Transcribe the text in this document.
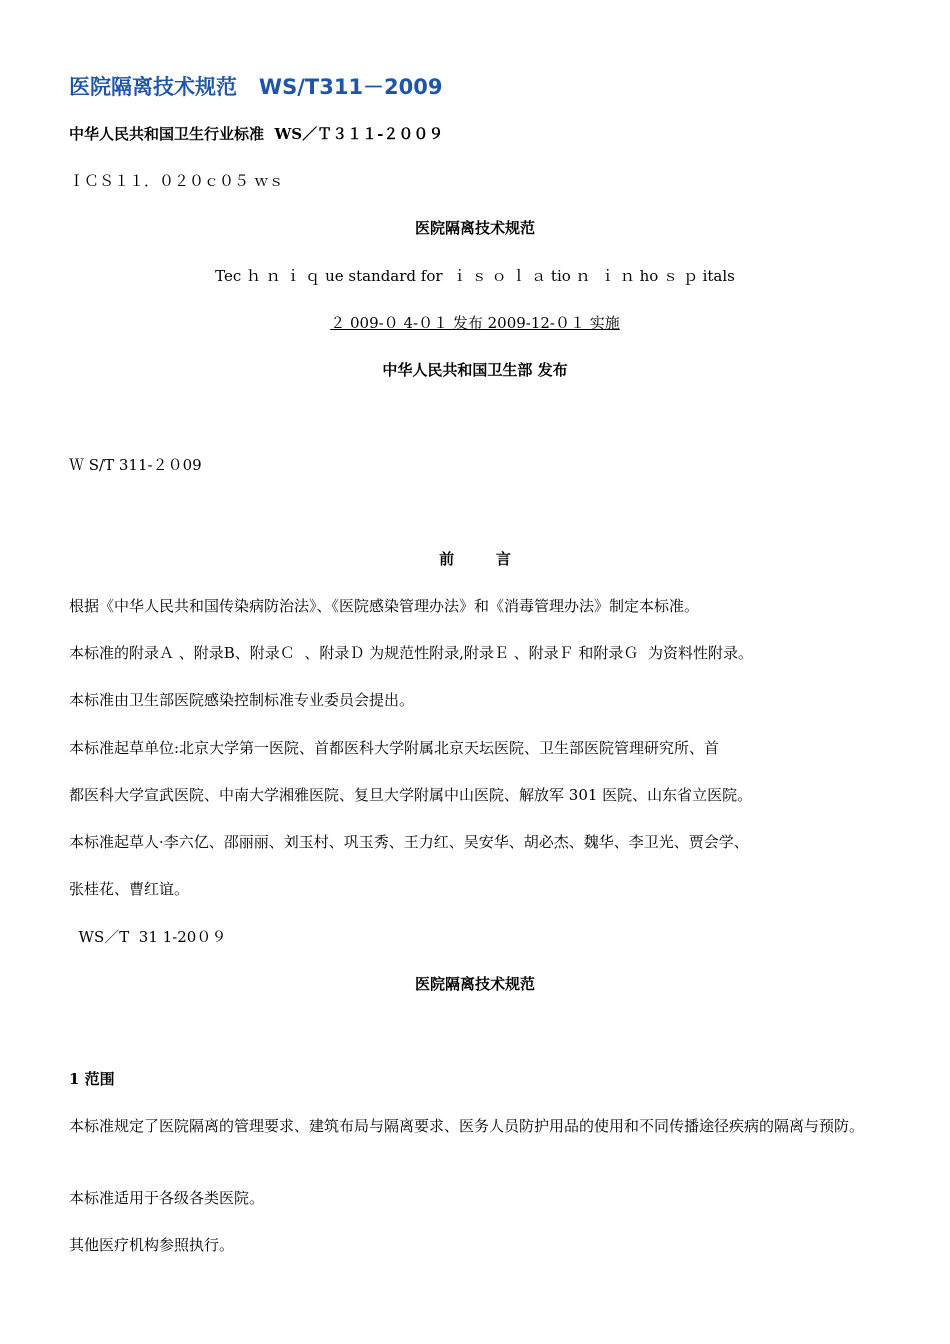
医院隔离技术规范   WS/T311－2009
中华人民共和国卫生行业标准  WS／Ｔ３１１-２００９
ＩＣＳ１１．０２０ｃ０５ ｗｓ
医院隔离技术规范
Tec ｈ ｎ ｉ ｑ ue standard for  ｉ ｓ ｏ ｌ ａ tio ｎ  ｉ ｎ ho ｓ ｐ itals
２ 009-０ 4-０１ 发布 2009-12-０１ 实施
中华人民共和国卫生部 发布
Ｗ S/T 311-２０09
前        言
根据《中华人民共和国传染病防治法》、《医院感染管理办法》和《消毒管理办法》制定本标准。
本标准的附录Ａ 、附录B、附录Ｃ  、附录Ｄ 为规范性附录,附录Ｅ 、附录Ｆ 和附录Ｇ  为资料性附录。
本标准由卫生部医院感染控制标准专业委员会提出。
本标准起草单位:北京大学第一医院、首都医科大学附属北京天坛医院、卫生部医院管理研究所、首
都医科大学宣武医院、中南大学湘雅医院、复旦大学附属中山医院、解放军 301 医院、山东省立医院。
本标准起草人·李六亿、邵丽丽、刘玉村、巩玉秀、王力红、吴安华、胡必杰、魏华、李卫光、贾会学、
张桂花、曹红谊。
WS／T  31 1-20０９
医院隔离技术规范
1 范围
本标准规定了医院隔离的管理要求、建筑布局与隔离要求、医务人员防护用品的使用和不同传播途径疾病的隔离与预防。
本标准适用于各级各类医院。
其他医疗机构参照执行。
